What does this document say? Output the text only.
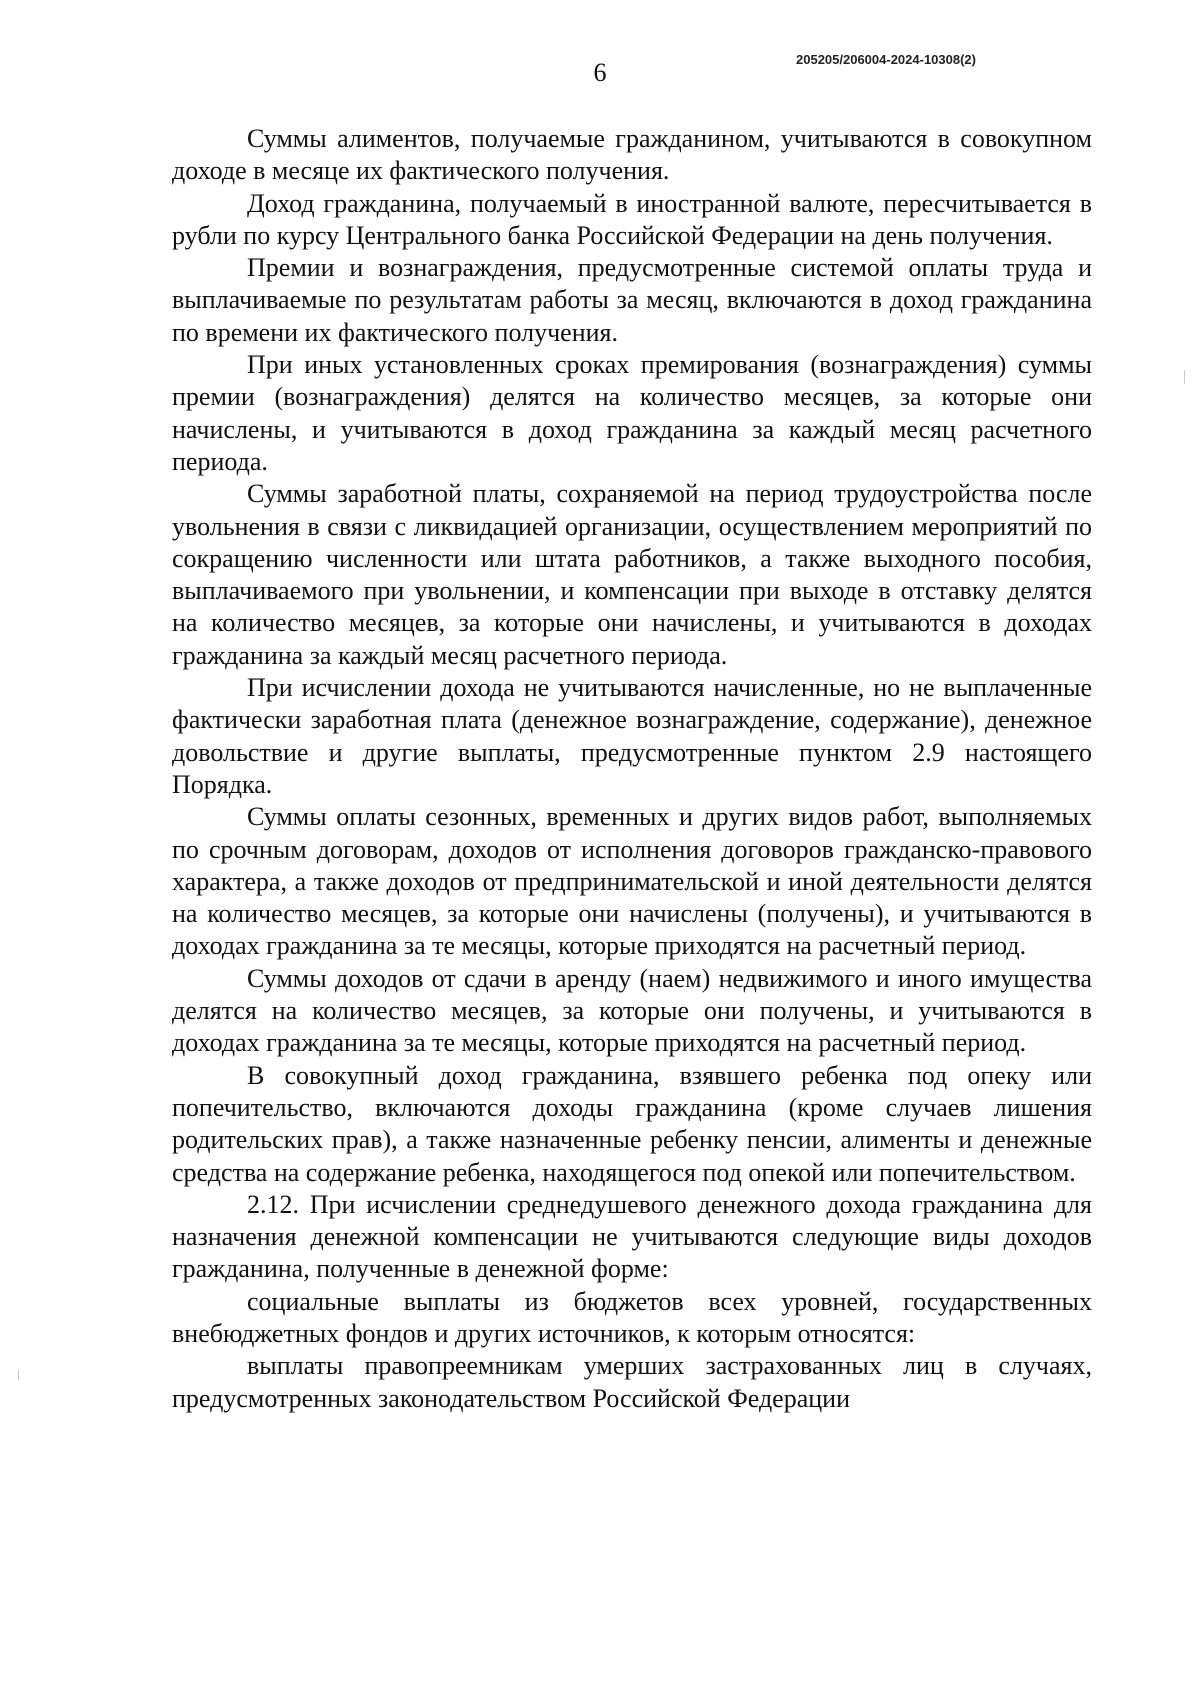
205205/206004-2024-10308(2)
6

Суммы алиментов, получаемые гражданином, учитываются в совокупном доходе в месяце их фактического получения.

Доход гражданина, получаемый в иностранной валюте, пересчитывается в рубли по курсу Центрального банка Российской Федерации на день получения.

Премии и вознаграждения, предусмотренные системой оплаты труда и выплачиваемые по результатам работы за месяц, включаются в доход гражданина по времени их фактического получения.

При иных установленных сроках премирования (вознаграждения) суммы премии (вознаграждения) делятся на количество месяцев, за которые они начислены, и учитываются в доход гражданина за каждый месяц расчетного периода.

Суммы заработной платы, сохраняемой на период трудоустройства после увольнения в связи с ликвидацией организации, осуществлением мероприятий по сокращению численности или штата работников, а также выходного пособия, выплачиваемого при увольнении, и компенсации при выходе в отставку делятся на количество месяцев, за которые они начислены, и учитываются в доходах гражданина за каждый месяц расчетного периода.

При исчислении дохода не учитываются начисленные, но не выплаченные фактически заработная плата (денежное вознаграждение, содержание), денежное довольствие и другие выплаты, предусмотренные пунктом 2.9 настоящего Порядка.

Суммы оплаты сезонных, временных и других видов работ, выполняемых по срочным договорам, доходов от исполнения договоров гражданско-правового характера, а также доходов от предпринимательской и иной деятельности делятся на количество месяцев, за которые они начислены (получены), и учитываются в доходах гражданина за те месяцы, которые приходятся на расчетный период.

Суммы доходов от сдачи в аренду (наем) недвижимого и иного имущества делятся на количество месяцев, за которые они получены, и учитываются в доходах гражданина за те месяцы, которые приходятся на расчетный период.

В совокупный доход гражданина, взявшего ребенка под опеку или попечительство, включаются доходы гражданина (кроме случаев лишения родительских прав), а также назначенные ребенку пенсии, алименты и денежные средства на содержание ребенка, находящегося под опекой или попечительством.

2.12. При исчислении среднедушевого денежного дохода гражданина для назначения денежной компенсации не учитываются следующие виды доходов гражданина, полученные в денежной форме:

социальные выплаты из бюджетов всех уровней, государственных внебюджетных фондов и других источников, к которым относятся:

выплаты правопреемникам умерших застрахованных лиц в случаях, предусмотренных законодательством Российской Федерации
